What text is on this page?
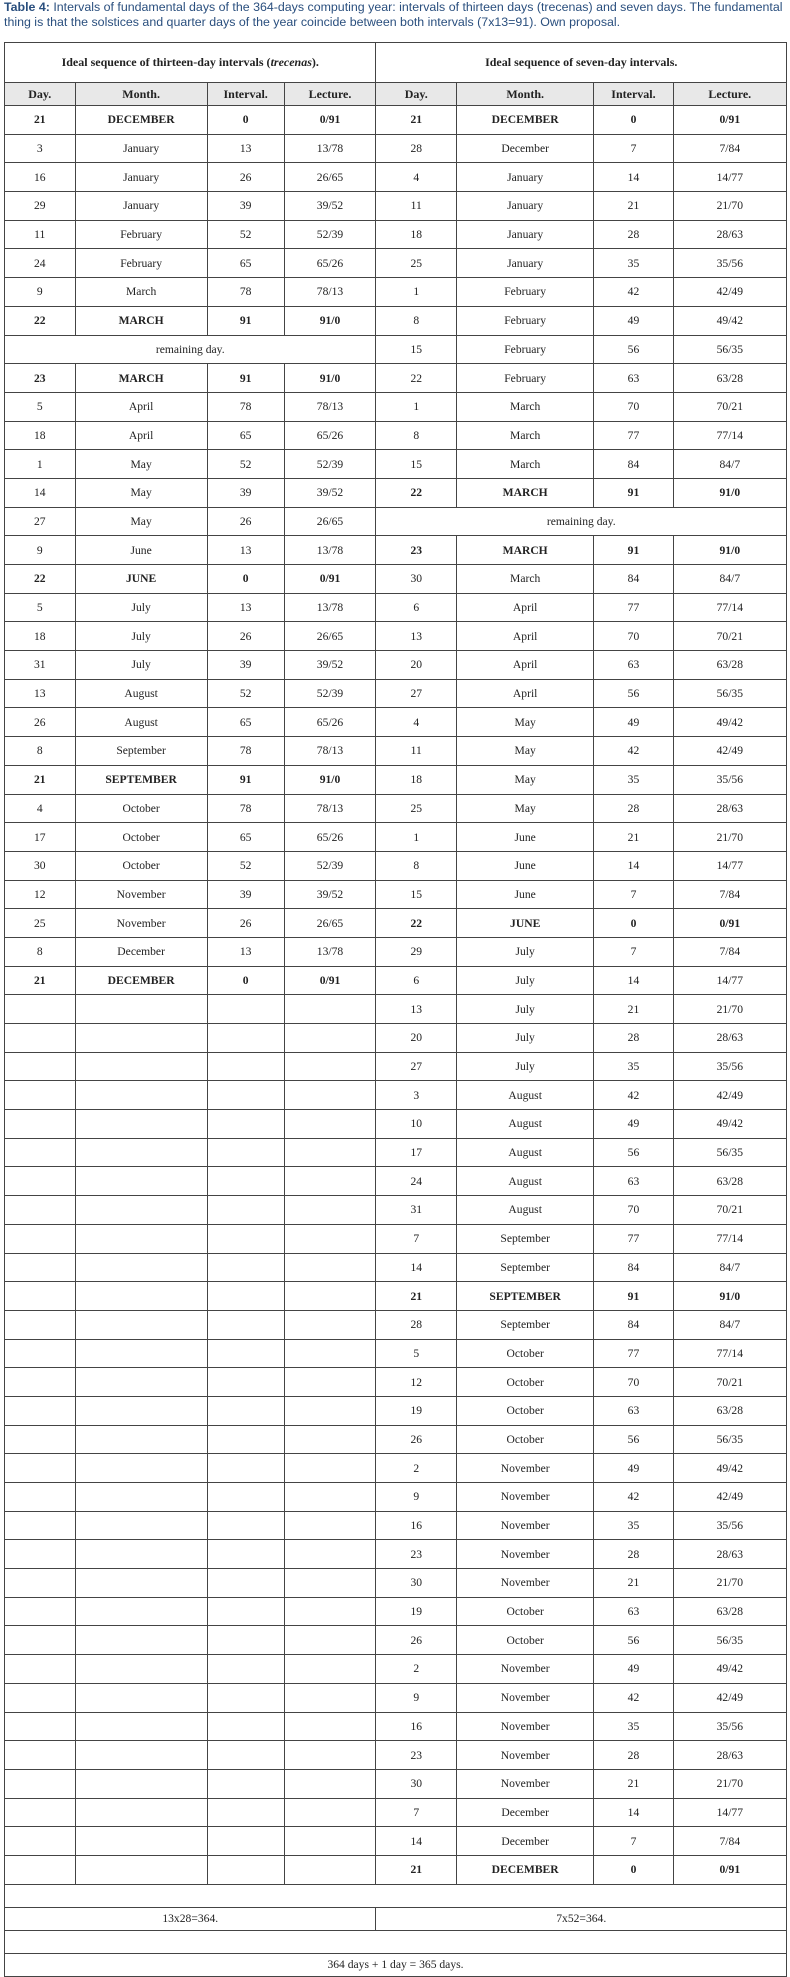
Table 4: Intervals of fundamental days of the 364-days computing year: intervals of thirteen days (trecenas) and seven days. The fundamental thing is that the solstices and quarter days of the year coincide between both intervals (7x13=91). Own proposal.
Ideal sequence of thirteen-day intervals (trecenas).				Ideal sequence of seven-day intervals.			
Day.	Month.	Interval.	Lecture.	Day.	Month.	Interval.	Lecture.
21	DECEMBER	0	0/91	21	DECEMBER	0	0/91
3	January	13	13/78	28	December	7	7/84
16	January	26	26/65	4	January	14	14/77
29	January	39	39/52	11	January	21	21/70
11	February	52	52/39	18	January	28	28/63
24	February	65	65/26	25	January	35	35/56
9	March	78	78/13	1	February	42	42/49
22	MARCH	91	91/0	8	February	49	49/42
remaining day.				15	February	56	56/35
23	MARCH	91	91/0	22	February	63	63/28
5	April	78	78/13	1	March	70	70/21
18	April	65	65/26	8	March	77	77/14
1	May	52	52/39	15	March	84	84/7
14	May	39	39/52	22	MARCH	91	91/0
27	May	26	26/65	remaining day.			
9	June	13	13/78	23	MARCH	91	91/0
22	JUNE	0	0/91	30	March	84	84/7
5	July	13	13/78	6	April	77	77/14
18	July	26	26/65	13	April	70	70/21
31	July	39	39/52	20	April	63	63/28
13	August	52	52/39	27	April	56	56/35
26	August	65	65/26	4	May	49	49/42
8	September	78	78/13	11	May	42	42/49
21	SEPTEMBER	91	91/0	18	May	35	35/56
4	October	78	78/13	25	May	28	28/63
17	October	65	65/26	1	June	21	21/70
30	October	52	52/39	8	June	14	14/77
12	November	39	39/52	15	June	7	7/84
25	November	26	26/65	22	JUNE	0	0/91
8	December	13	13/78	29	July	7	7/84
21	DECEMBER	0	0/91	6	July	14	14/77
				13	July	21	21/70
				20	July	28	28/63
				27	July	35	35/56
				3	August	42	42/49
				10	August	49	49/42
				17	August	56	56/35
				24	August	63	63/28
				31	August	70	70/21
				7	September	77	77/14
				14	September	84	84/7
				21	SEPTEMBER	91	91/0
				28	September	84	84/7
				5	October	77	77/14
				12	October	70	70/21
				19	October	63	63/28
				26	October	56	56/35
				2	November	49	49/42
				9	November	42	42/49
				16	November	35	35/56
				23	November	28	28/63
				30	November	21	21/70
				19	October	63	63/28
				26	October	56	56/35
				2	November	49	49/42
				9	November	42	42/49
				16	November	35	35/56
				23	November	28	28/63
				30	November	21	21/70
				7	December	14	14/77
				14	December	7	7/84
				21	DECEMBER	0	0/91

13x28=364.				7x52=364.			

364 days + 1 day = 365 days.							
